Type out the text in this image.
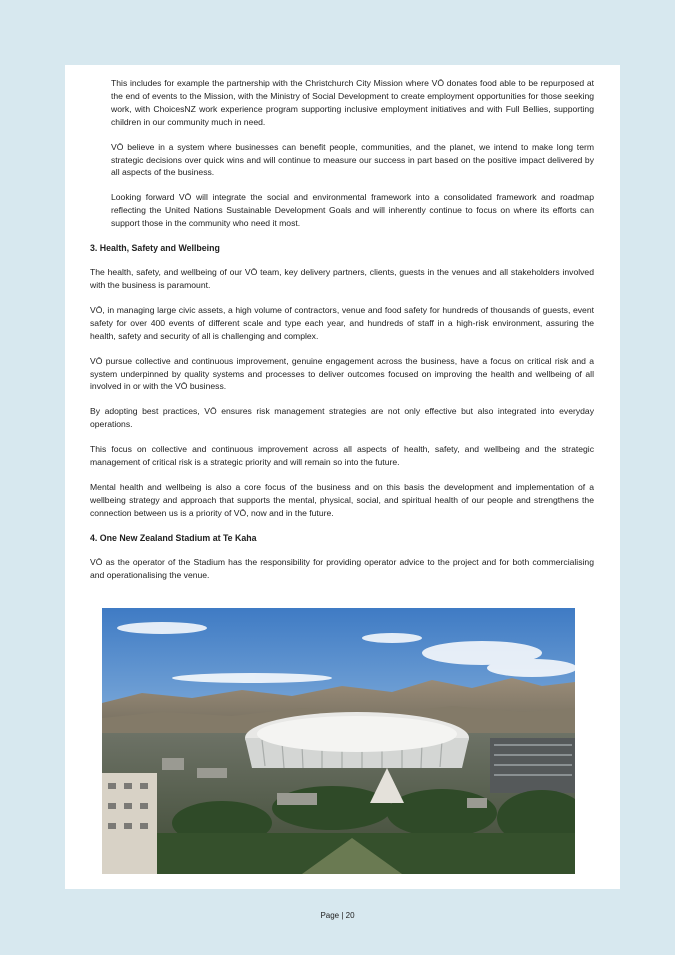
This includes for example the partnership with the Christchurch City Mission where VŌ donates food able to be repurposed at the end of events to the Mission, with the Ministry of Social Development to create employment opportunities for those seeking work, with ChoicesNZ work experience program supporting inclusive employment initiatives and with Full Bellies, supporting children in our community much in need.

VŌ believe in a system where businesses can benefit people, communities, and the planet, we intend to make long term strategic decisions over quick wins and will continue to measure our success in part based on the positive impact delivered by all aspects of the business.

Looking forward VŌ will integrate the social and environmental framework into a consolidated framework and roadmap reflecting the United Nations Sustainable Development Goals and will inherently continue to focus on where its efforts can support those in the community who need it most.

3. Health, Safety and Wellbeing

The health, safety, and wellbeing of our VŌ team, key delivery partners, clients, guests in the venues and all stakeholders involved with the business is paramount.

VŌ, in managing large civic assets, a high volume of contractors, venue and food safety for hundreds of thousands of guests, event safety for over 400 events of different scale and type each year, and hundreds of staff in a high-risk environment, assuring the health, safety and security of all is challenging and complex.

VŌ pursue collective and continuous improvement, genuine engagement across the business, have a focus on critical risk and a system underpinned by quality systems and processes to deliver outcomes focused on improving the health and wellbeing of all involved in or with the VŌ business.

By adopting best practices, VŌ ensures risk management strategies are not only effective but also integrated into everyday operations.

This focus on collective and continuous improvement across all aspects of health, safety, and wellbeing and the strategic management of critical risk is a strategic priority and will remain so into the future.

Mental health and wellbeing is also a core focus of the business and on this basis the development and implementation of a wellbeing strategy and approach that supports the mental, physical, social, and spiritual health of our people and strengthens the connection between us is a priority of VŌ, now and in the future.

4. One New Zealand Stadium at Te Kaha

VŌ as the operator of the Stadium has the responsibility for providing operator advice to the project and for both commercialising and operationalising the venue.

Page | 20
